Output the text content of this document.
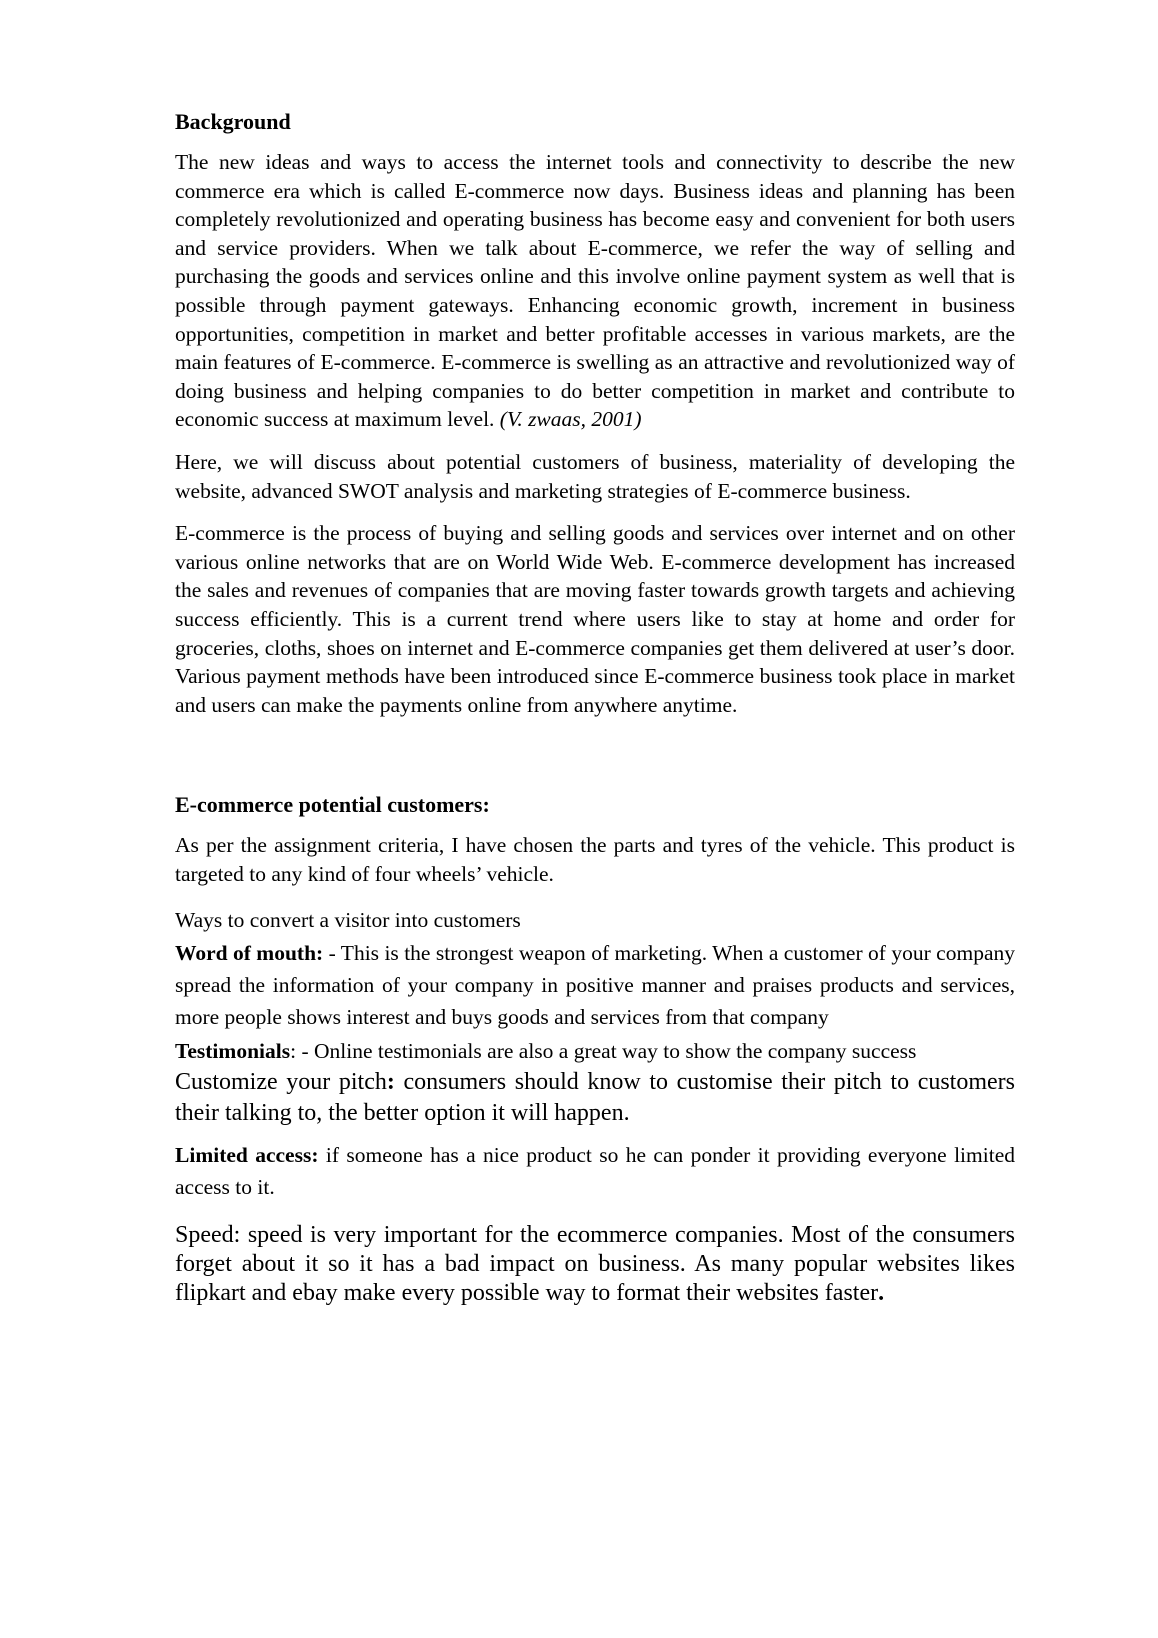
Background

The new ideas and ways to access the internet tools and connectivity to describe the new commerce era which is called E-commerce now days. Business ideas and planning has been completely revolutionized and operating business has become easy and convenient for both users and service providers. When we talk about E-commerce, we refer the way of selling and purchasing the goods and services online and this involve online payment system as well that is possible through payment gateways. Enhancing economic growth, increment in business opportunities, competition in market and better profitable accesses in various markets, are the main features of E-commerce. E-commerce is swelling as an attractive and revolutionized way of doing business and helping companies to do better competition in market and contribute to economic success at maximum level. (V. zwaas, 2001)

Here, we will discuss about potential customers of business, materiality of developing the website, advanced SWOT analysis and marketing strategies of E-commerce business.

E-commerce is the process of buying and selling goods and services over internet and on other various online networks that are on World Wide Web. E-commerce development has increased the sales and revenues of companies that are moving faster towards growth targets and achieving success efficiently. This is a current trend where users like to stay at home and order for groceries, cloths, shoes on internet and E-commerce companies get them delivered at user’s door. Various payment methods have been introduced since E-commerce business took place in market and users can make the payments online from anywhere anytime.

E-commerce potential customers:

As per the assignment criteria, I have chosen the parts and tyres of the vehicle. This product is targeted to any kind of four wheels’ vehicle.

Ways to convert a visitor into customers

Word of mouth: - This is the strongest weapon of marketing. When a customer of your company spread the information of your company in positive manner and praises products and services, more people shows interest and buys goods and services from that company

Testimonials: - Online testimonials are also a great way to show the company success

Customize your pitch: consumers should know to customise their pitch to customers their talking to, the better option it will happen.

Limited access: if someone has a nice product so he can ponder it providing everyone limited access to it.

Speed: speed is very important for the ecommerce companies. Most of the consumers forget about it so it has a bad impact on business. As many popular websites likes flipkart and ebay make every possible way to format their websites faster.
